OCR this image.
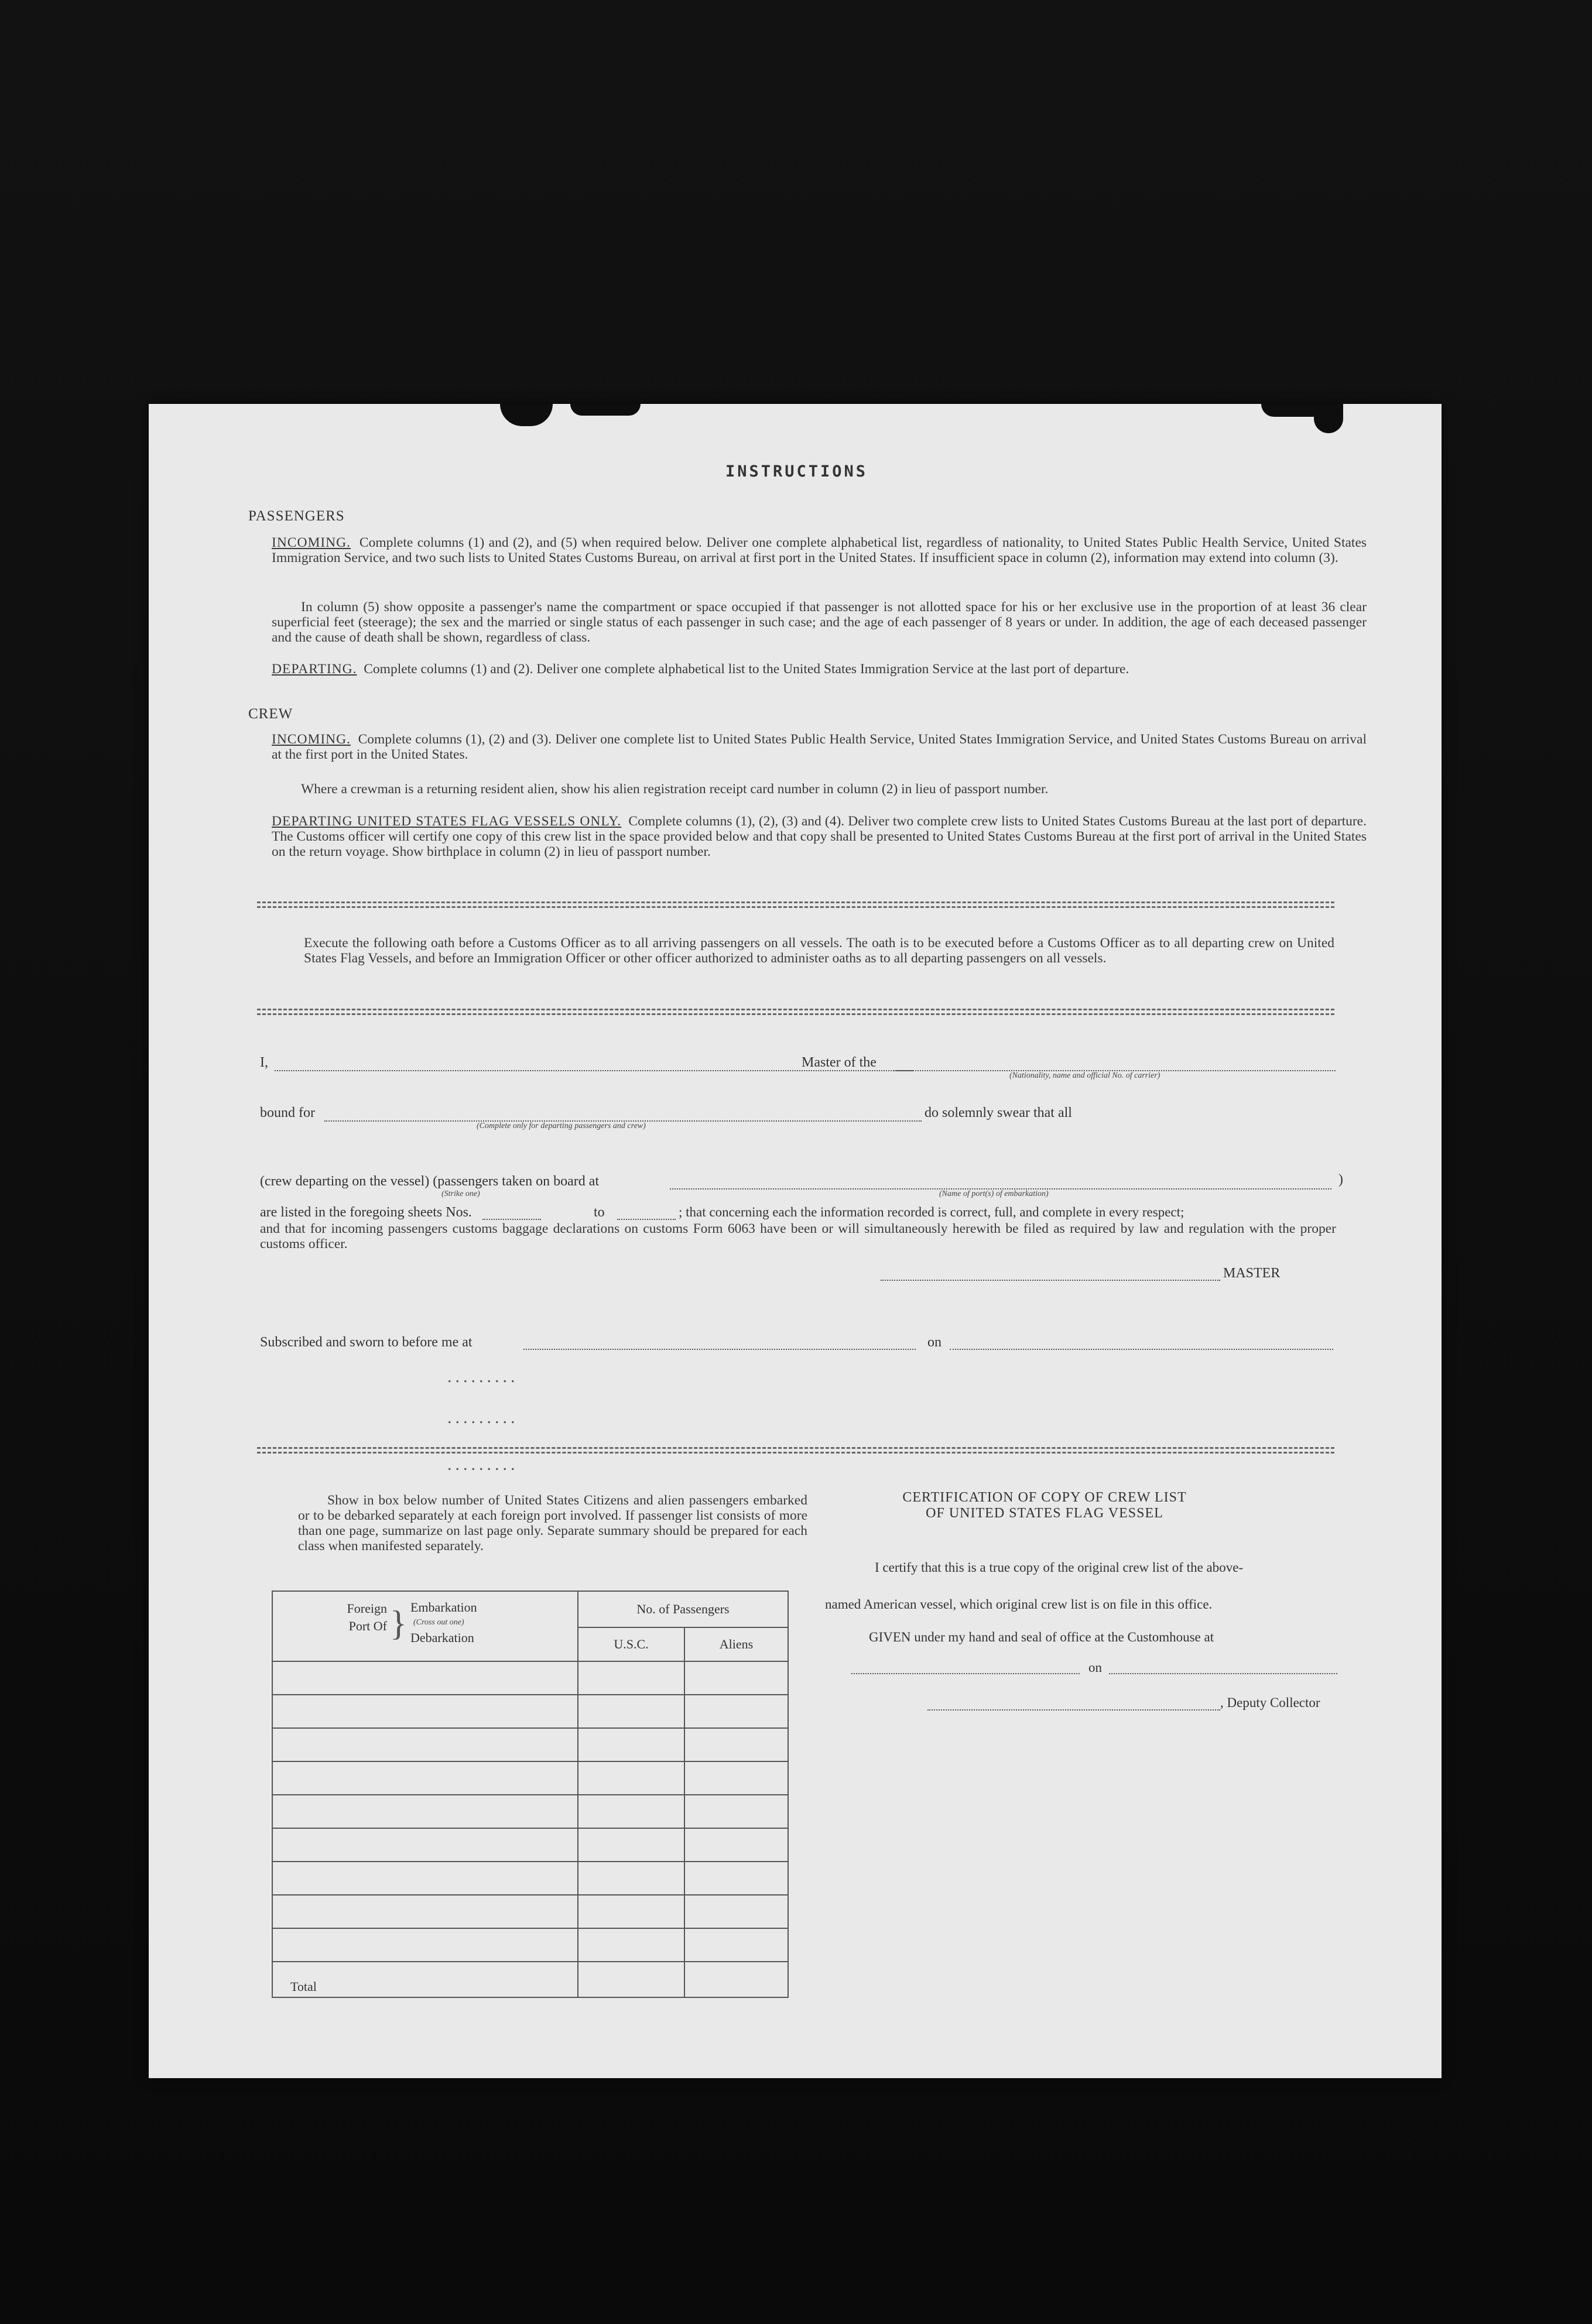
INSTRUCTIONS
PASSENGERS

INCOMING. Complete columns (1) and (2), and (5) when required below. Deliver one complete alphabetical list, regardless of nationality, to United States Public Health Service, United States Immigration Service, and two such lists to United States Customs Bureau, on arrival at first port in the United States. If insufficient space in column (2), information may extend into column (3).

In column (5) show opposite a passenger's name the compartment or space occupied if that passenger is not allotted space for his or her exclusive use in the proportion of at least 36 clear superficial feet (steerage); the sex and the married or single status of each passenger in such case; and the age of each passenger of 8 years or under. In addition, the age of each deceased passenger and the cause of death shall be shown, regardless of class.

DEPARTING. Complete columns (1) and (2). Deliver one complete alphabetical list to the United States Immigration Service at the last port of departure.

CREW

INCOMING. Complete columns (1), (2) and (3). Deliver one complete list to United States Public Health Service, United States Immigration Service, and United States Customs Bureau on arrival at the first port in the United States.

Where a crewman is a returning resident alien, show his alien registration receipt card number in column (2) in lieu of passport number.

DEPARTING UNITED STATES FLAG VESSELS ONLY. Complete columns (1), (2), (3) and (4). Deliver two complete crew lists to United States Customs Bureau at the last port of departure. The Customs officer will certify one copy of this crew list in the space provided below and that copy shall be presented to United States Customs Bureau at the first port of arrival in the United States on the return voyage. Show birthplace in column (2) in lieu of passport number.

Execute the following oath before a Customs Officer as to all arriving passengers on all vessels. The oath is to be executed before a Customs Officer as to all departing crew on United States Flag Vessels, and before an Immigration Officer or other officer authorized to administer oaths as to all departing passengers on all vessels.

I,	Master of the
(Nationality, name and official No. of carrier)
bound for
(Complete only for departing passengers and crew)
do solemnly swear that all
(crew departing on the vessel) (passengers taken on board at
(Strike one)	(Name of port(s) of embarkation)
)
are listed in the foregoing sheets Nos.	to	; that concerning each the information recorded is correct, full, and complete in every respect;

and that for incoming passengers customs baggage declarations on customs Form 6063 have been or will simultaneously herewith be filed as required by law and regulation with the proper customs officer.

MASTER
Subscribed and sworn to before me at	on

Show in box below number of United States Citizens and alien passengers embarked or to be debarked separately at each foreign port involved. If passenger list consists of more than one page, summarize on last page only. Separate summary should be prepared for each class when manifested separately.

Foreign Port Of } Embarkation
(Cross out one)
Debarkation	No. of Passengers	
	U.S.C.	Aliens

Total		
CERTIFICATION OF COPY OF CREW LIST
OF UNITED STATES FLAG VESSEL
I certify that this is a true copy of the original crew list of the above-
named American vessel, which original crew list is on file in this office.
GIVEN under my hand and seal of office at the Customhouse at
on
, Deputy Collector
.........
.........
.........
